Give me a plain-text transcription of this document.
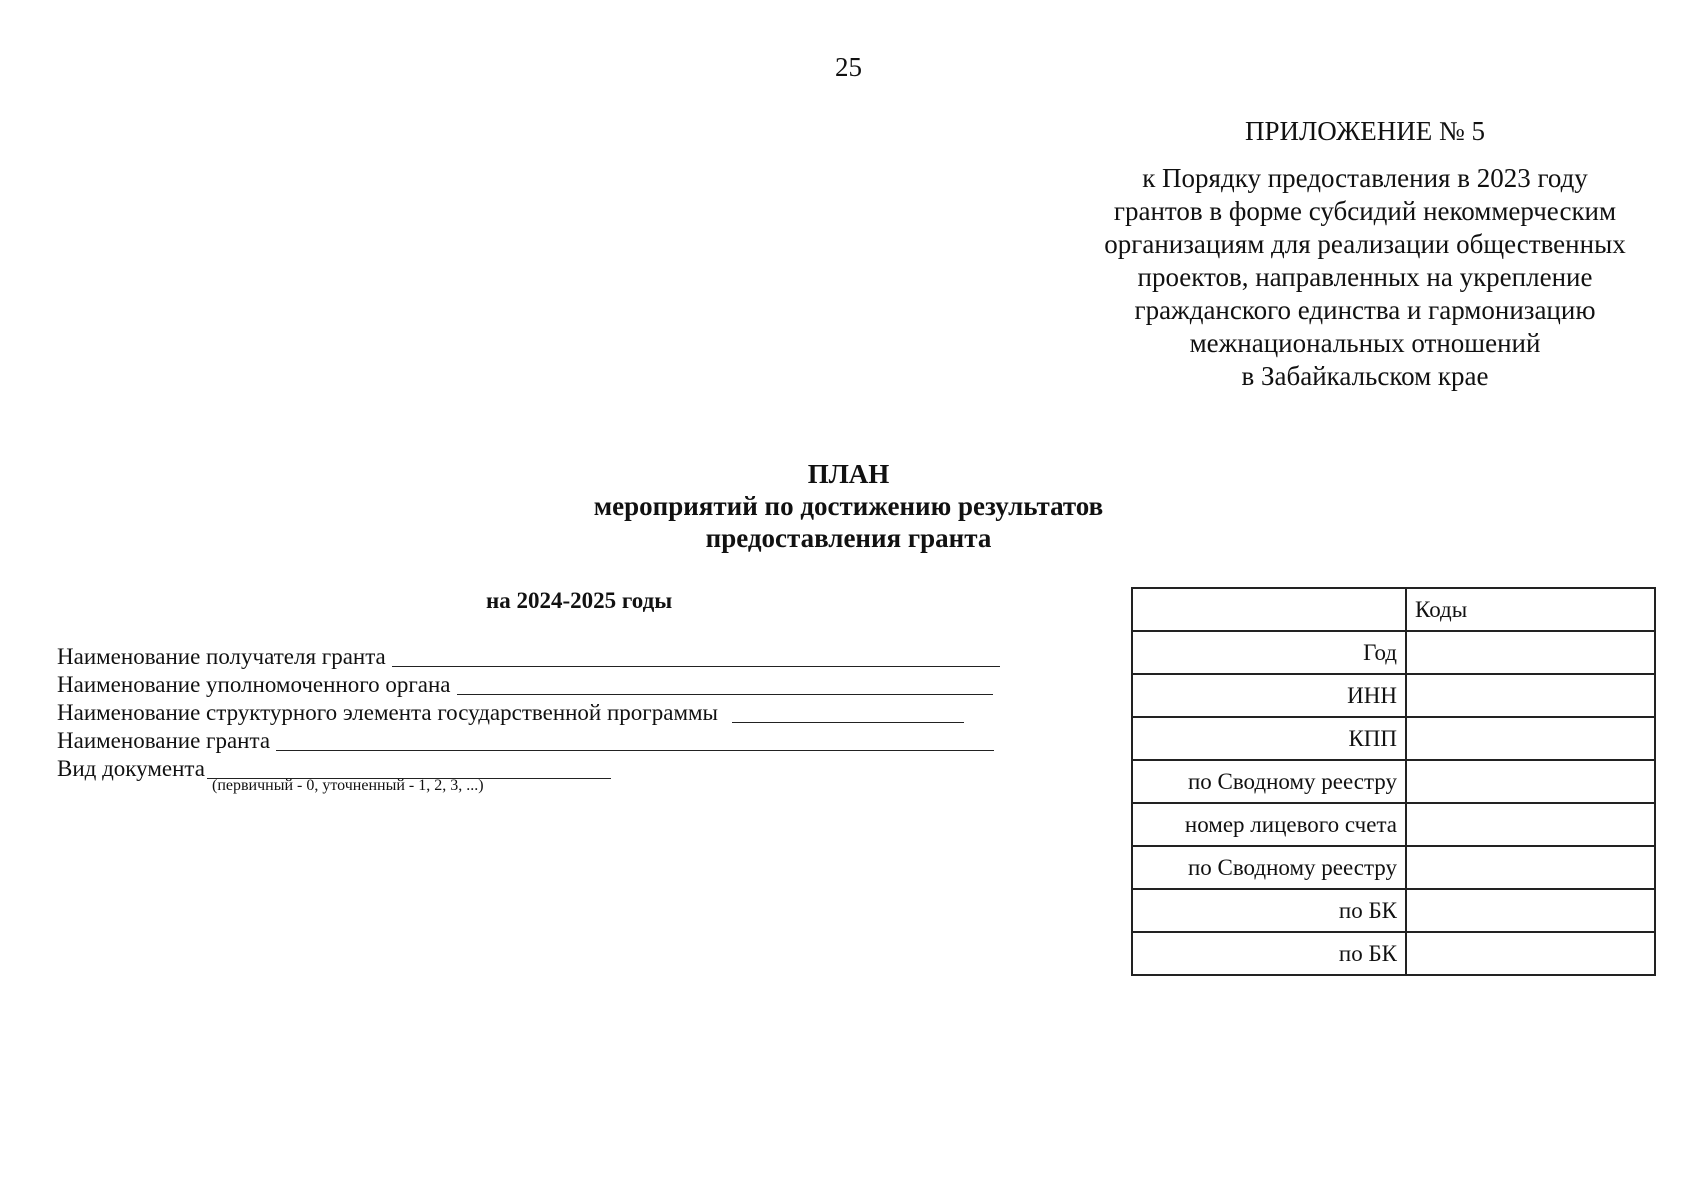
25
ПРИЛОЖЕНИЕ № 5
к Порядку предоставления в 2023 году
грантов в форме субсидий некоммерческим
организациям для реализации общественных
проектов, направленных на укрепление
гражданского единства и гармонизацию
межнациональных отношений
в Забайкальском крае
ПЛАН
мероприятий по достижению результатов
предоставления гранта
на 2024-2025 годы
Наименование получателя гранта
Наименование уполномоченного органа
Наименование структурного элемента государственной программы
Наименование гранта
Вид документа
(первичный - 0, уточненный - 1, 2, 3, ...)
	Коды
Год	
ИНН	
КПП	
по Сводному реестру	
номер лицевого счета	
по Сводному реестру	
по БК	
по БК	
